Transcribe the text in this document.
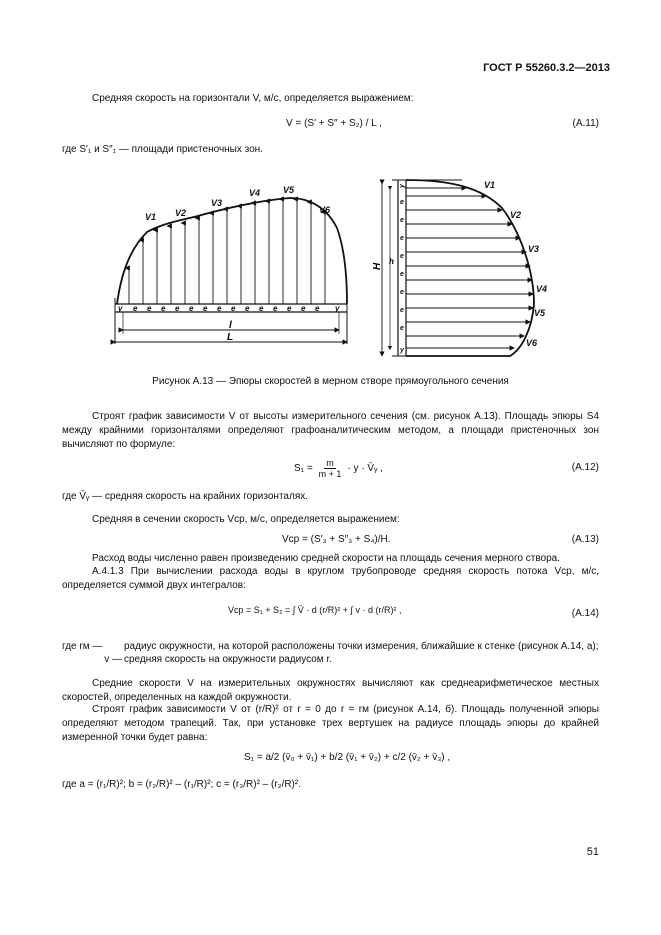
ГОСТ Р 55260.3.2—2013
Средняя скорость на горизонтали V, м/с, определяется выражением:
V = (S′ + S″ + S₂) / L ,	(А.11)
где S′₁ и S″₁ — площади пристеночных зон.
V1 V2
V3
V4	V5
V6
y e e e e e e e e e e e e e e y
l
L
V1
V2
V3
V4
V5
V6
y
e
e
e
e
e
e
e
e
y
H
h
Рисунок А.13 — Эпюры скоростей в мерном створе прямоугольного сечения
Строят график зависимости V от высоты измерительного сечения (см. рисунок А.13). Площадь эпюры S4 между крайними горизонталями определяют графоаналитическим методом, а площади пристеночных зон вычисляют по формуле:
$S_1 = \frac{m}{m + 1} \cdot y$ · V̄ᵧ ,	(А.12)
где V̄ᵧ — средняя скорость на крайних горизонталях.
Средняя в сечении скорость Vср, м/с, определяется выражением:
Vср = (S′₃ + S″₃ + S₄)/H.	(А.13)
Расход воды численно равен произведению средней скорости на площадь сечения мерного створа.
А.4.1.3 При вычислении расхода воды в круглом трубопроводе средняя скорость потока Vср, м/с, определяется суммой двух интегралов:
Vср = S₁ + S₂ = ∫ V̄ · d (r/R)² + ∫ v · d (r/R)² ,	(А.14)
где rм —	радиус окружности, на которой расположены точки измерения, ближайшие к стенке (рисунок А.14, а);
v — средняя скорость на окружности радиусом r.
Средние скорости V на измерительных окружностях вычисляют как среднеарифметическое местных скоростей, определенных на каждой окружности.
Строят график зависимости V от (r/R)² от r = 0 до r = rм (рисунок А.14, б). Площадь полученной эпюры определяют методом трапеций. Так, при установке трех вертушек на радиусе площадь эпюры до крайней измеренной точки будет равна:
S₁ = a/2 (v̄₀ + v̄₁) + b/2 (v̄₁ + v̄₂) + c/2 (v̄₂ + v̄₃) ,
где a = (r₁/R)²; b = (r₂/R)² – (r₁/R)²; c = (r₃/R)² – (r₂/R)².
51
